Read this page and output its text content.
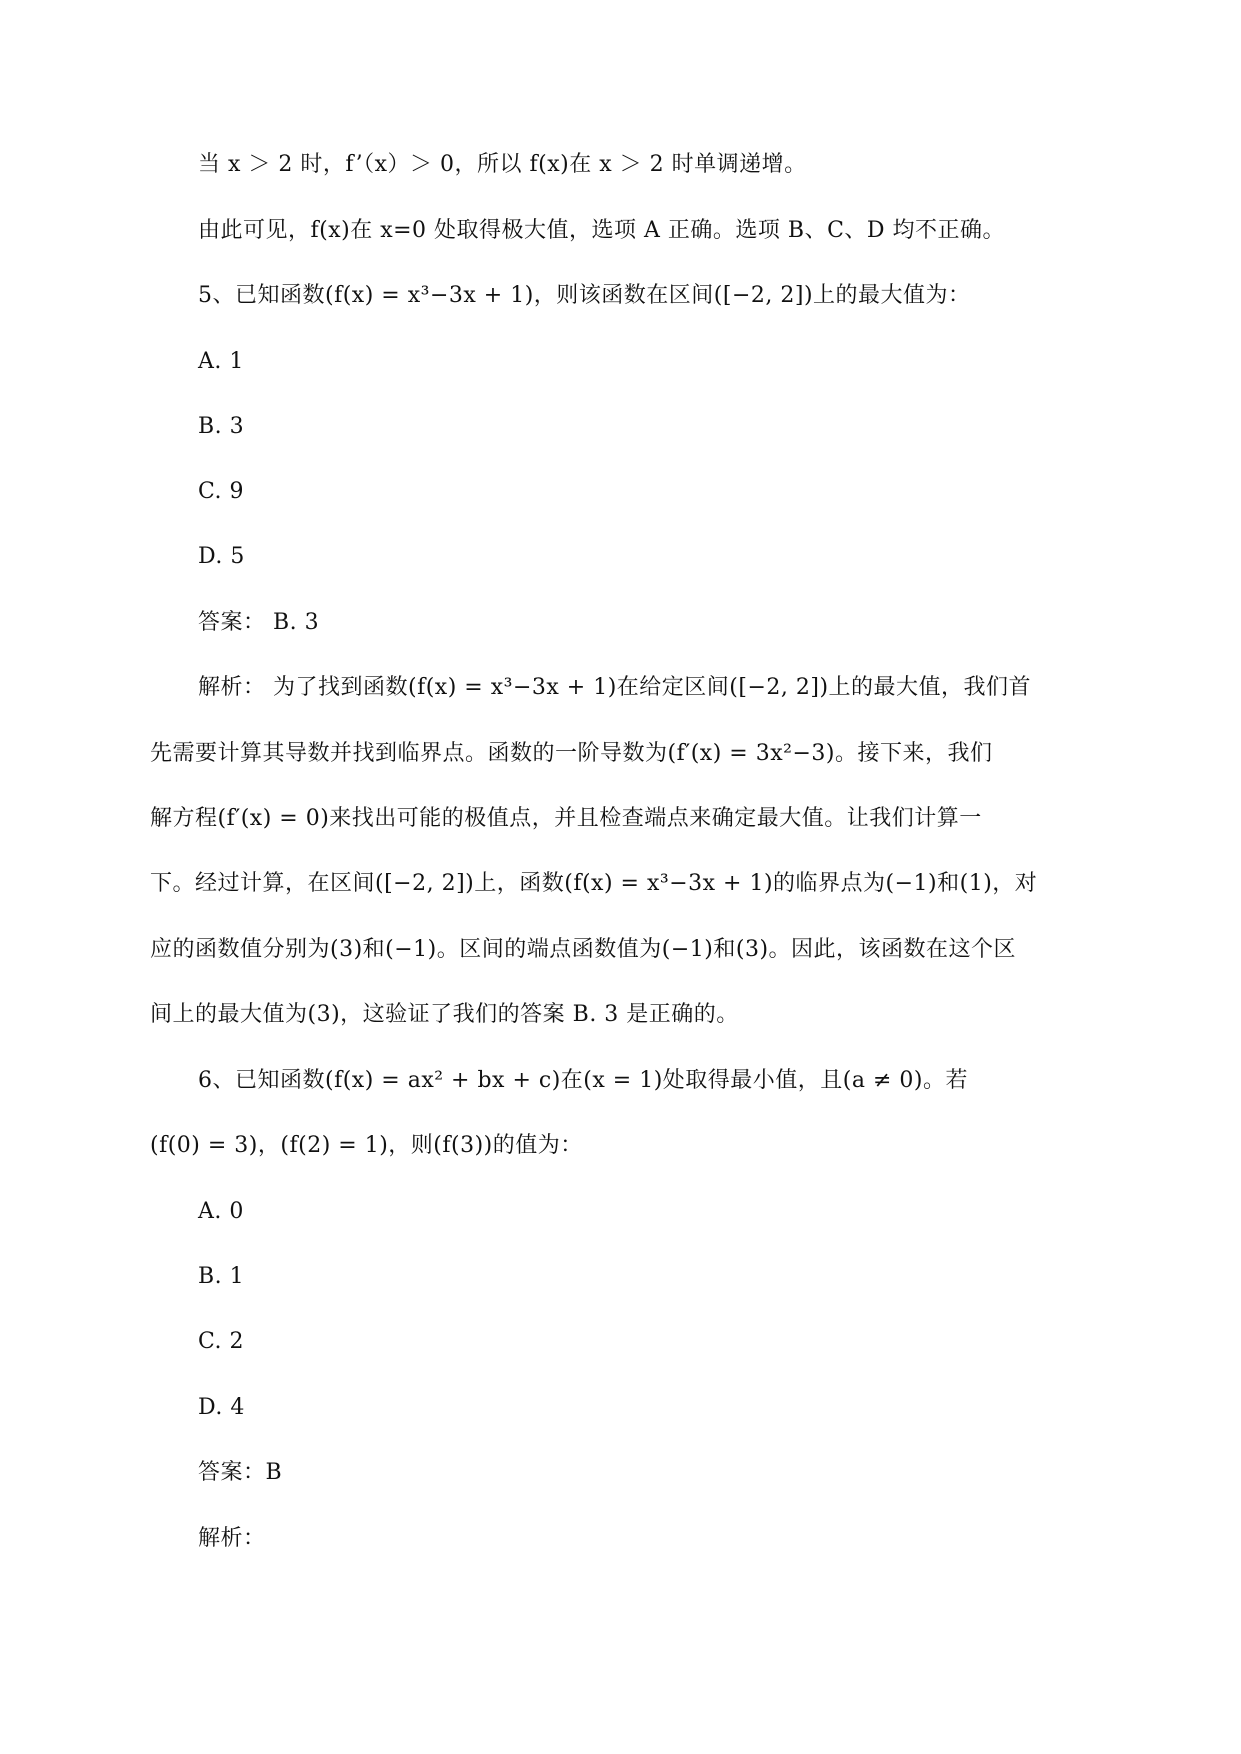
当 x ＞ 2 时，f’（x）＞ 0，所以 f(x)在 x ＞ 2 时单调递增。
由此可见，f(x)在 x=0 处取得极大值，选项 A 正确。选项 B、C、D 均不正确。
5、已知函数(f(x) = x³−3x + 1)，则该函数在区间([−2, 2])上的最大值为：
A. 1
B. 3
C. 9
D. 5
答案： B. 3
解析： 为了找到函数(f(x) = x³−3x + 1)在给定区间([−2, 2])上的最大值，我们首
先需要计算其导数并找到临界点。函数的一阶导数为(f′(x) = 3x²−3)。接下来，我们
解方程(f′(x) = 0)来找出可能的极值点，并且检查端点来确定最大值。让我们计算一
下。经过计算，在区间([−2, 2])上，函数(f(x) = x³−3x + 1)的临界点为(−1)和(1)，对
应的函数值分别为(3)和(−1)。区间的端点函数值为(−1)和(3)。因此，该函数在这个区
间上的最大值为(3)，这验证了我们的答案 B. 3 是正确的。
6、已知函数(f(x) = ax² + bx + c)在(x = 1)处取得最小值，且(a ≠ 0)。若
(f(0) = 3)，(f(2) = 1)，则(f(3))的值为：
A. 0
B. 1
C. 2
D. 4
答案：B
解析：
